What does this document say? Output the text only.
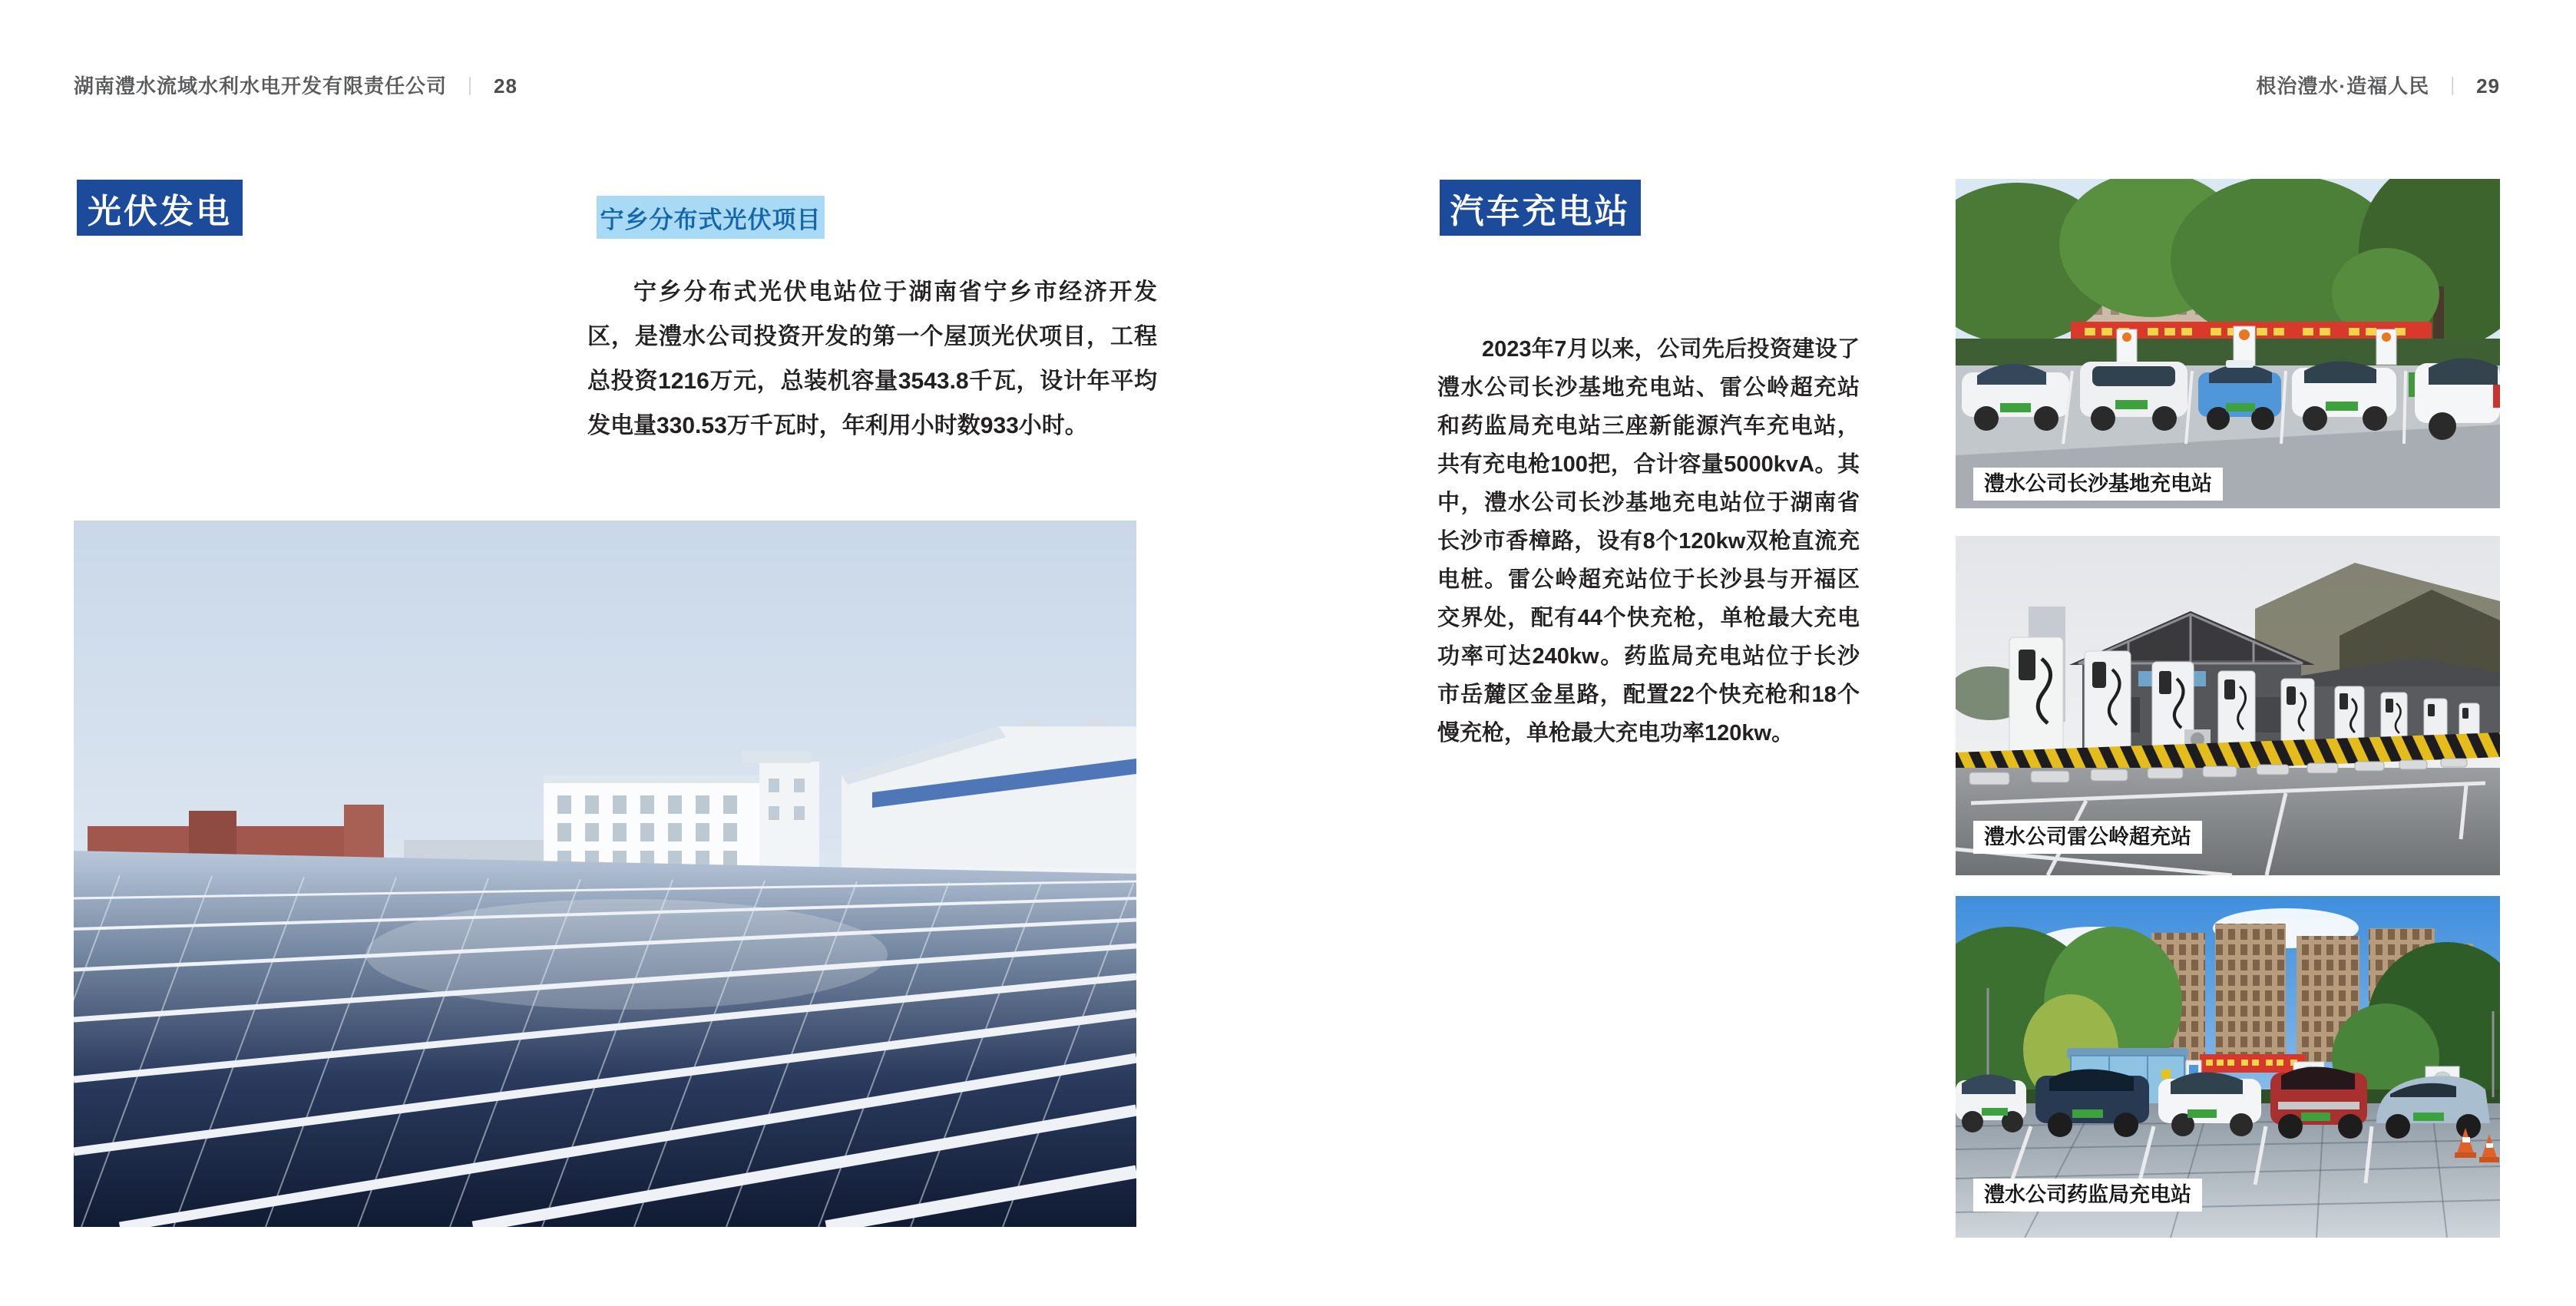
湖南澧水流域水利水电开发有限责任公司 ｜ 28	根治澧水·造福人民 ｜ 29
光伏发电	宁乡分布式光伏项目
宁乡分布式光伏电站位于湖南省宁乡市经济开发区，是澧水公司投资开发的第一个屋顶光伏项目，工程总投资1216万元，总装机容量3543.8千瓦，设计年平均发电量330.53万千瓦时，年利用小时数933小时。
汽车充电站
2023年7月以来，公司先后投资建设了澧水公司长沙基地充电站、雷公岭超充站和药监局充电站三座新能源汽车充电站，共有充电枪100把，合计容量5000kvA。其中，澧水公司长沙基地充电站位于湖南省长沙市香樟路，设有8个120kw双枪直流充电桩。雷公岭超充站位于长沙县与开福区交界处，配有44个快充枪，单枪最大充电功率可达240kw。药监局充电站位于长沙市岳麓区金星路，配置22个快充枪和18个慢充枪，单枪最大充电功率120kw。
澧水公司长沙基地充电站
澧水公司雷公岭超充站
澧水公司药监局充电站
